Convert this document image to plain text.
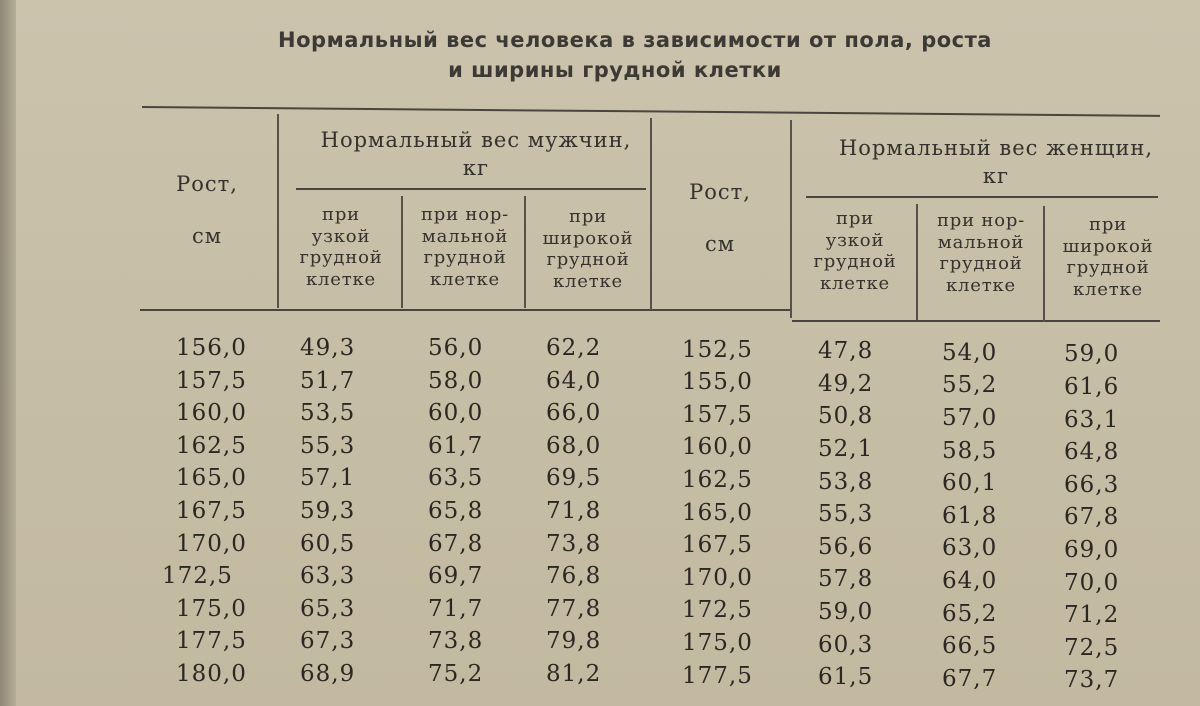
Нормальный вес человека в зависимости от пола, роста
и ширины грудной клетки
Рост,
см
Нормальный вес мужчин,
кг
при
узкой
грудной
клетке
при нор-
мальной
грудной
клетке
при
широкой
грудной
клетке
Рост,
см
Нормальный вес женщин,
кг
при
узкой
грудной
клетке
при нор-
мальной
грудной
клетке
при
широкой
грудной
клетке
156,0 49,3	56,0	62,2	152,5	47,8	54,0	59,0
157,5 51,7	58,0	64,0	155,0	49,2	55,2	61,6
160,0 53,5	60,0	66,0	157,5	50,8	57,0	63,1
162,5 55,3	61,7	68,0	160,0	52,1	58,5	64,8
165,0 57,1	63,5	69,5	162,5	53,8	60,1	66,3
167,5 59,3	65,8	71,8	165,0	55,3	61,8	67,8
170,0 60,5	67,8	73,8	167,5	56,6	63,0	69,0
172,5	63,3	69,7	76,8	170,0	57,8	64,0	70,0
175,0 65,3	71,7	77,8	172,5	59,0	65,2	71,2
177,5 67,3	73,8	79,8	175,0	60,3	66,5	72,5
180,0 68,9	75,2	81,2	177,5	61,5	67,7	73,7
